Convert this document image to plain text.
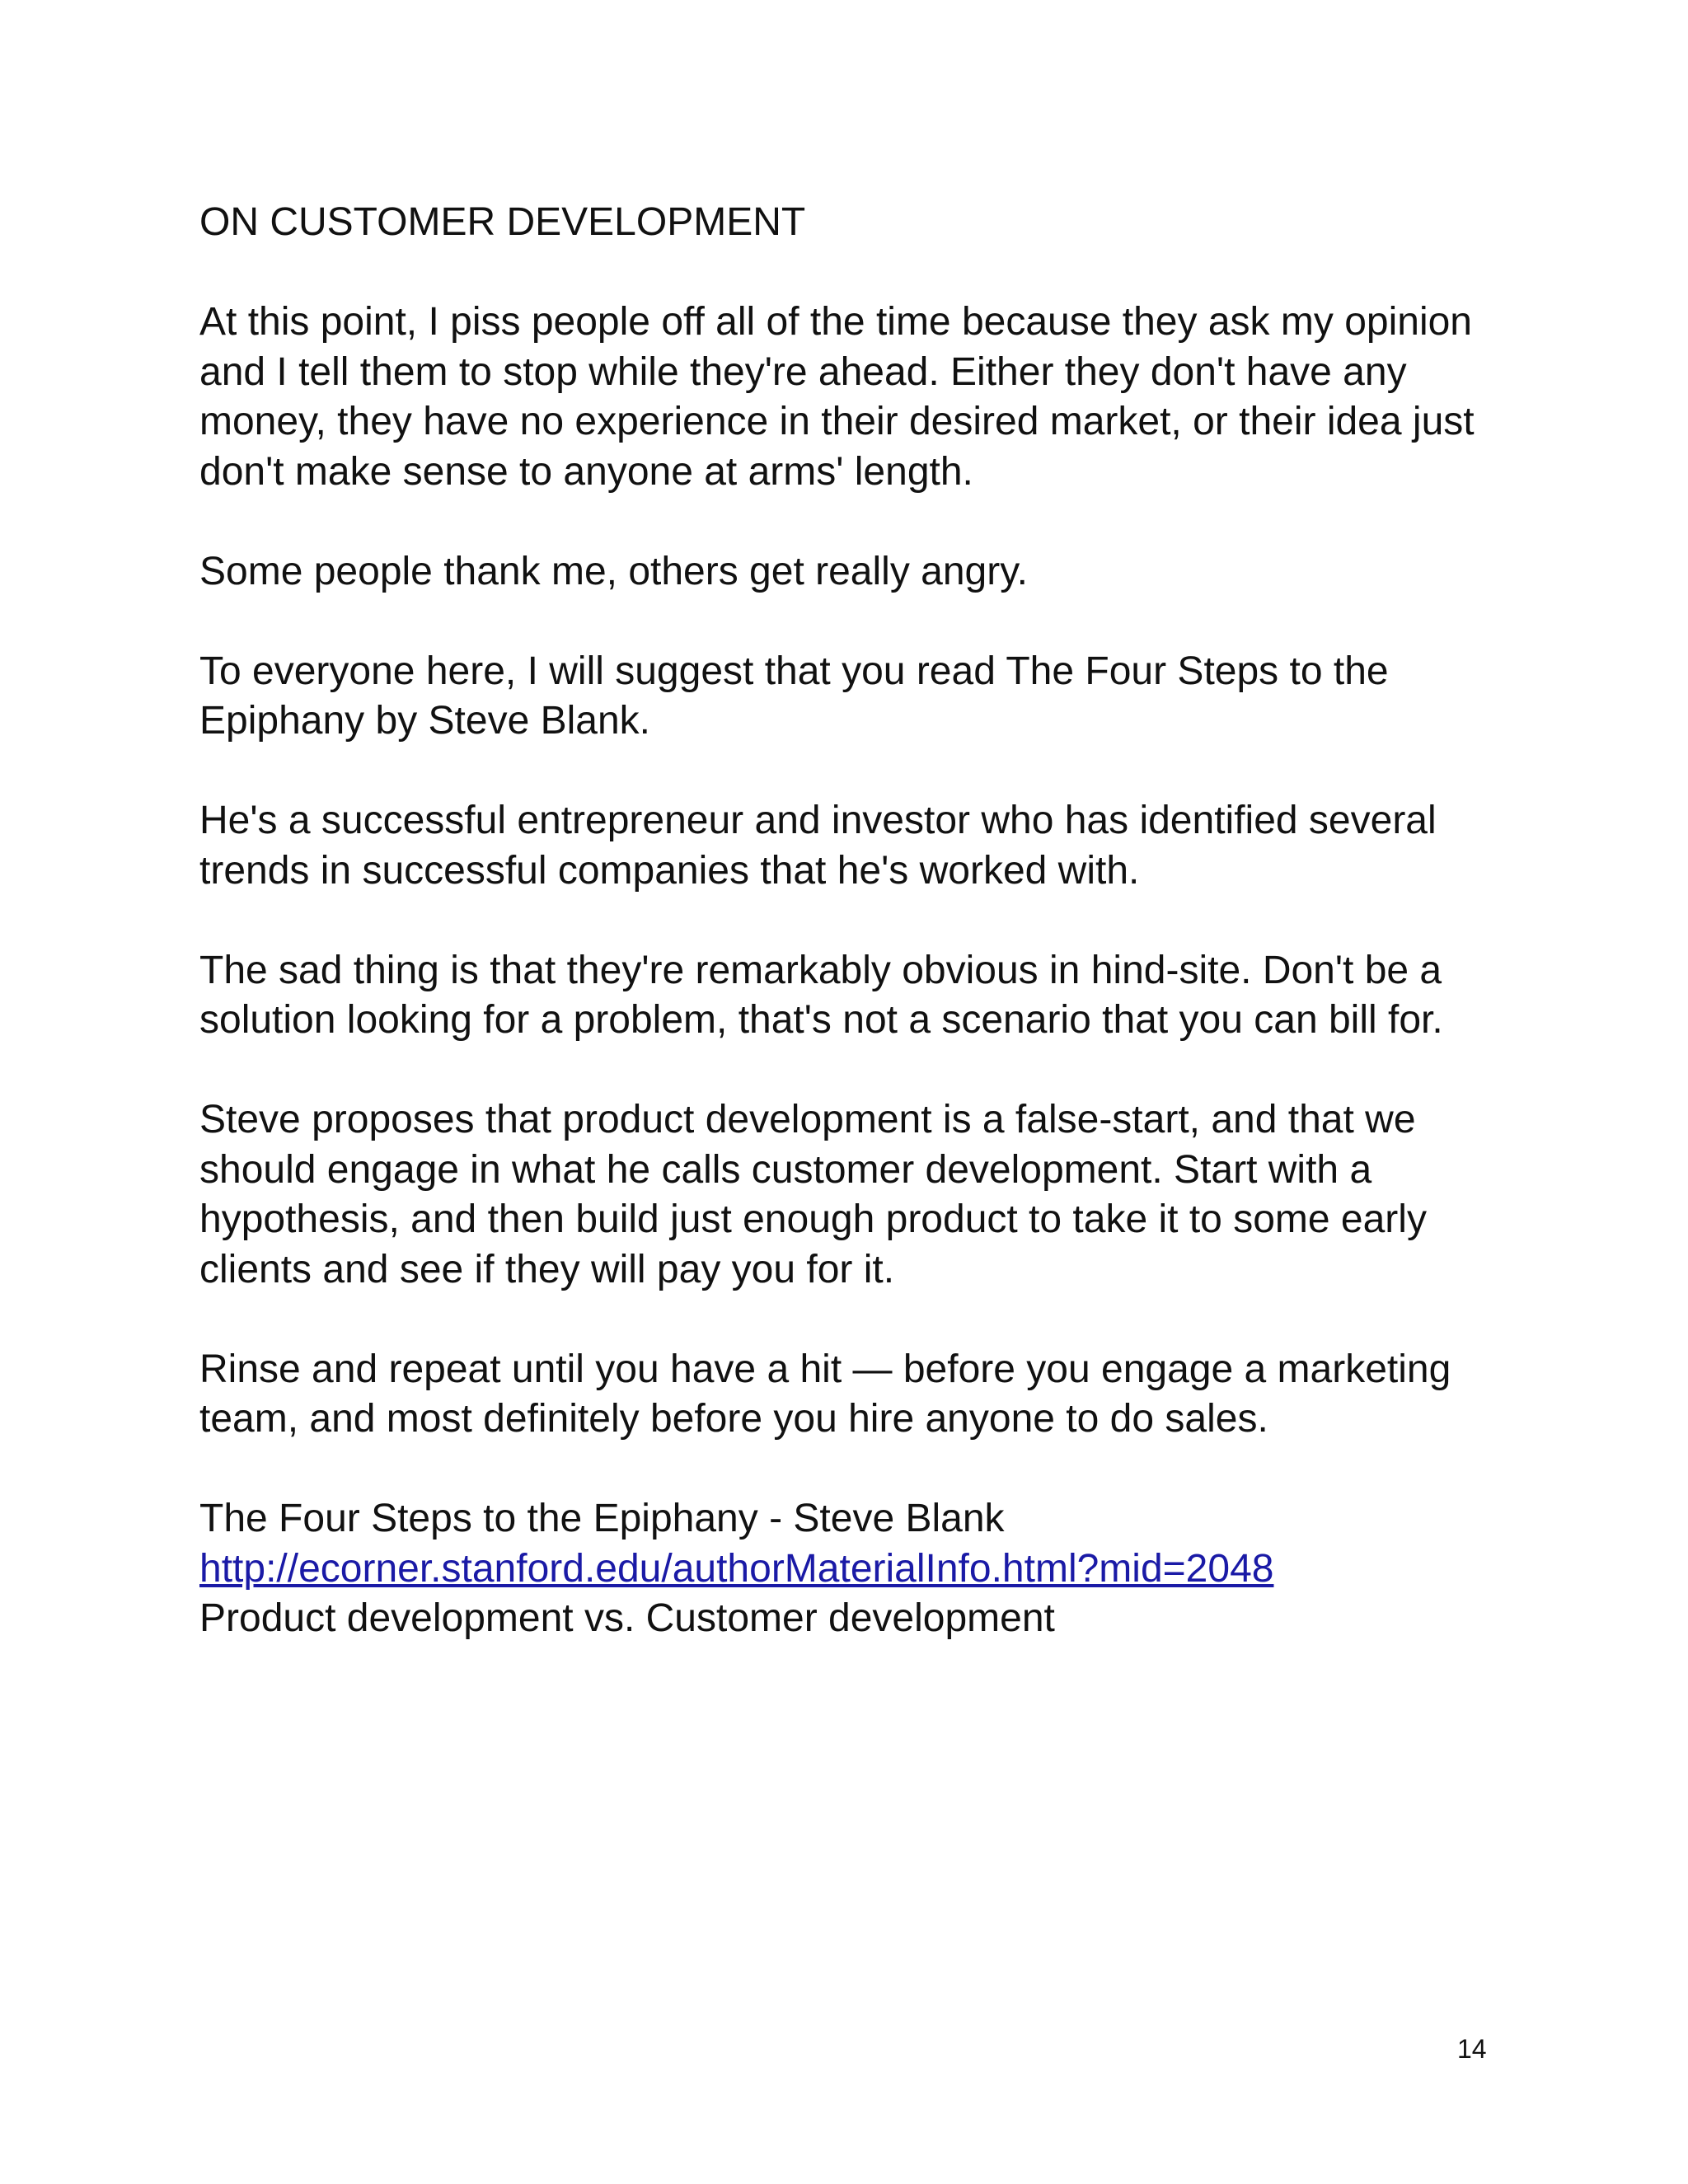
ON CUSTOMER DEVELOPMENT

At this point, I piss people off all of the time because they ask my opinion and I tell them to stop while they're ahead. Either they don't have any money, they have no experience in their desired market, or their idea just don't make sense to anyone at arms' length.

Some people thank me, others get really angry.

To everyone here, I will suggest that you read The Four Steps to the Epiphany by Steve Blank.

He's a successful entrepreneur and investor who has identified several trends in successful companies that he's worked with.

The sad thing is that they're remarkably obvious in hind-site. Don't be a solution looking for a problem, that's not a scenario that you can bill for.

Steve proposes that product development is a false-start, and that we should engage in what he calls customer development. Start with a hypothesis, and then build just enough product to take it to some early clients and see if they will pay you for it.

Rinse and repeat until you have a hit — before you engage a marketing team, and most definitely before you hire anyone to do sales.

The Four Steps to the Epiphany - Steve Blank
http://ecorner.stanford.edu/authorMaterialInfo.html?mid=2048
Product development vs. Customer development
14
